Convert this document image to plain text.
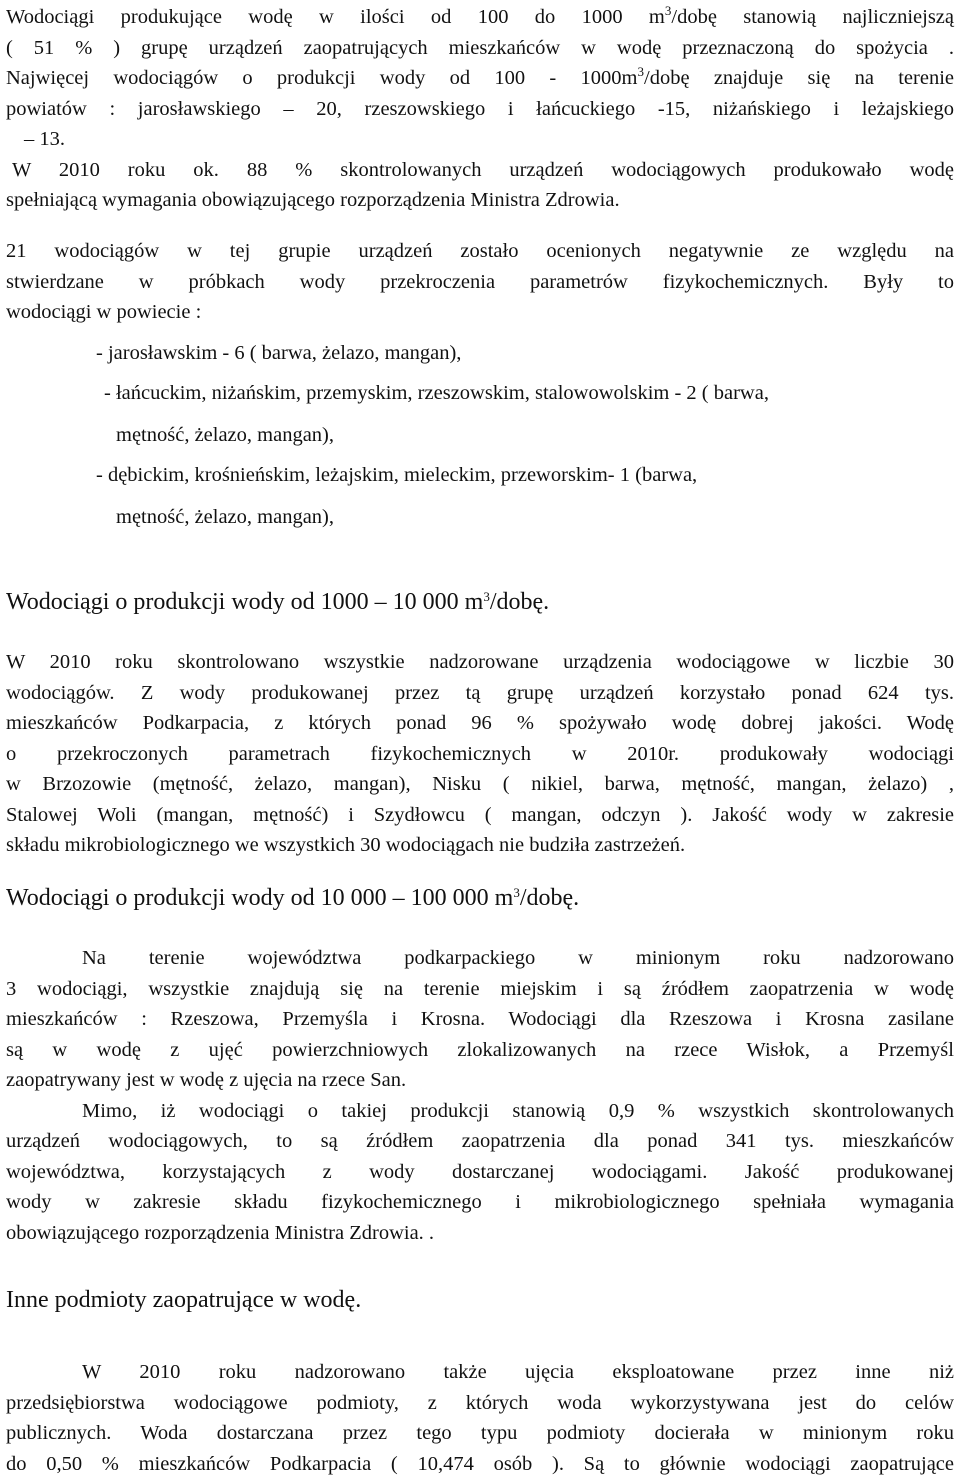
Wodociągi produkujące wodę w ilości od 100 do 1000 $m^3$/dobę stanowią najliczniejszą

( 51 % ) grupę urządzeń zaopatrujących mieszkańców w wodę przeznaczoną do spożycia .

Najwięcej wodociągów o produkcji wody od $100 - 1000m^3$/dobę znajduje się na terenie

powiatów : jarosławskiego – 20, rzeszowskiego i łańcuckiego -15, niżańskiego i leżajskiego

– 13.

W 2010 roku ok. 88 % skontrolowanych urządzeń wodociągowych produkowało wodę

spełniającą wymagania obowiązującego rozporządzenia Ministra Zdrowia.

21 wodociągów w tej grupie urządzeń zostało ocenionych negatywnie ze względu na

stwierdzane w próbkach wody przekroczenia parametrów fizykochemicznych. Były to

wodociągi w powiecie :

- jarosławskim - 6 ( barwa, żelazo, mangan),

- łańcuckim, niżańskim, przemyskim, rzeszowskim, stalowowolskim - 2 ( barwa,

mętność, żelazo, mangan),

- dębickim, krośnieńskim, leżajskim, mieleckim, przeworskim- 1 (barwa,

mętność, żelazo, mangan),

Wodociągi o produkcji wody od 1000 – 10 000 $m^3$/dobę.

W 2010 roku skontrolowano wszystkie nadzorowane urządzenia wodociągowe w liczbie 30

wodociągów. Z wody produkowanej przez tą grupę urządzeń korzystało ponad 624 tys.

mieszkańców Podkarpacia, z których ponad 96 % spożywało wodę dobrej jakości. Wodę

o przekroczonych parametrach fizykochemicznych w 2010r. produkowały wodociągi

w Brzozowie (mętność, żelazo, mangan), Nisku ( nikiel, barwa, mętność, mangan, żelazo) ,

Stalowej Woli (mangan, mętność) i Szydłowcu ( mangan, odczyn ). Jakość wody w zakresie

składu mikrobiologicznego we wszystkich 30 wodociągach nie budziła zastrzeżeń.

Wodociągi o produkcji wody od 10 000 – 100 000 $m^3$/dobę.

Na terenie województwa podkarpackiego w minionym roku nadzorowano

3 wodociągi, wszystkie znajdują się na terenie miejskim i są źródłem zaopatrzenia w wodę

mieszkańców : Rzeszowa, Przemyśla i Krosna. Wodociągi dla Rzeszowa i Krosna zasilane

są w wodę z ujęć powierzchniowych zlokalizowanych na rzece Wisłok, a Przemyśl

zaopatrywany jest w wodę z ujęcia na rzece San.

Mimo, iż wodociągi o takiej produkcji stanowią 0,9 % wszystkich skontrolowanych

urządzeń wodociągowych, to są źródłem zaopatrzenia dla ponad 341 tys. mieszkańców

województwa, korzystających z wody dostarczanej wodociągami. Jakość produkowanej

wody w zakresie składu fizykochemicznego i mikrobiologicznego spełniała wymagania

obowiązującego rozporządzenia Ministra Zdrowia. .

Inne podmioty zaopatrujące w wodę.

W 2010 roku nadzorowano także ujęcia eksploatowane przez inne niż

przedsiębiorstwa wodociągowe podmioty, z których woda wykorzystywana jest do celów

publicznych. Woda dostarczana przez tego typu podmioty docierała w minionym roku

do 0,50 % mieszkańców Podkarpacia ( 10,474 osób ). Są to głównie wodociągi zaopatrujące
